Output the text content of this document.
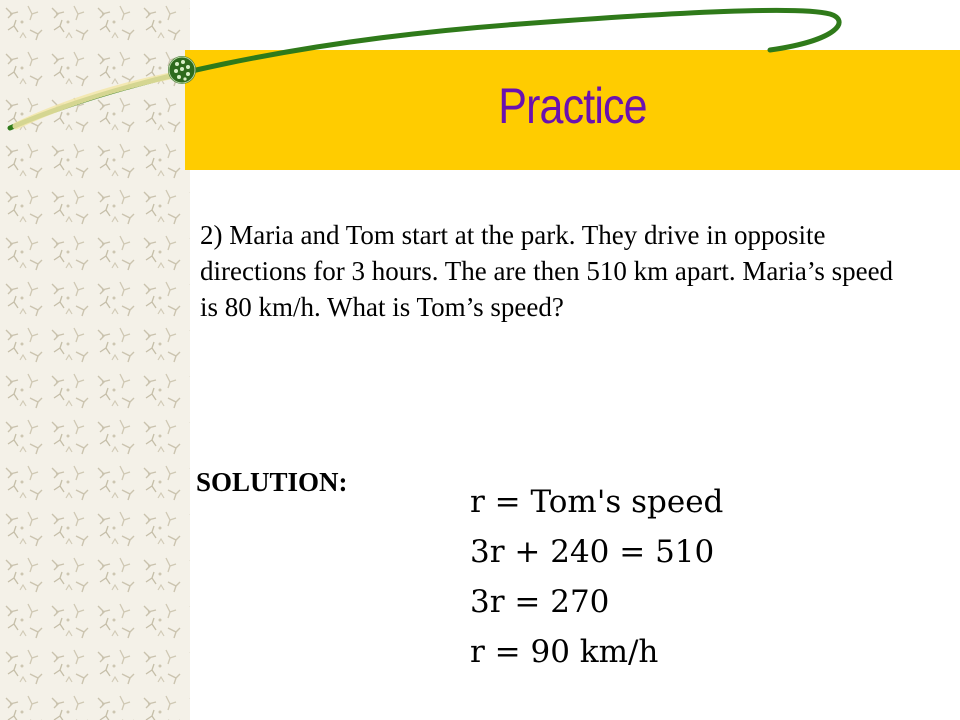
Practice

2) Maria and Tom start at the park. They drive in opposite directions for 3 hours. The are then 510 km apart. Maria’s speed is 80 km/h. What is Tom’s speed?

SOLUTION:
r = Tom's speed
3r + 240 = 510
3r = 270
r = 90 km/h
